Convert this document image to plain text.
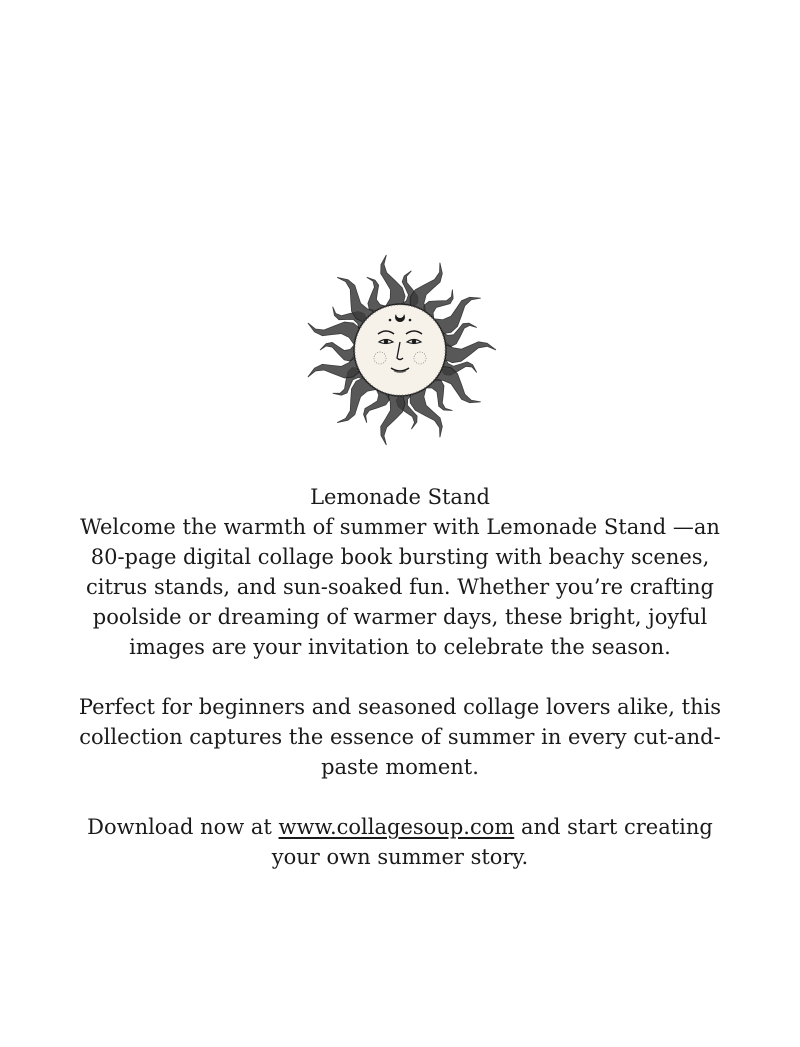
Lemonade Stand

Welcome the warmth of summer with Lemonade Stand —an 80-page digital collage book bursting with beachy scenes, citrus stands, and sun-soaked fun. Whether you’re crafting poolside or dreaming of warmer days, these bright, joyful images are your invitation to celebrate the season.

Perfect for beginners and seasoned collage lovers alike, this collection captures the essence of summer in every cut-and-paste moment.

Download now at www.collagesoup.com and start creating your own summer story.
